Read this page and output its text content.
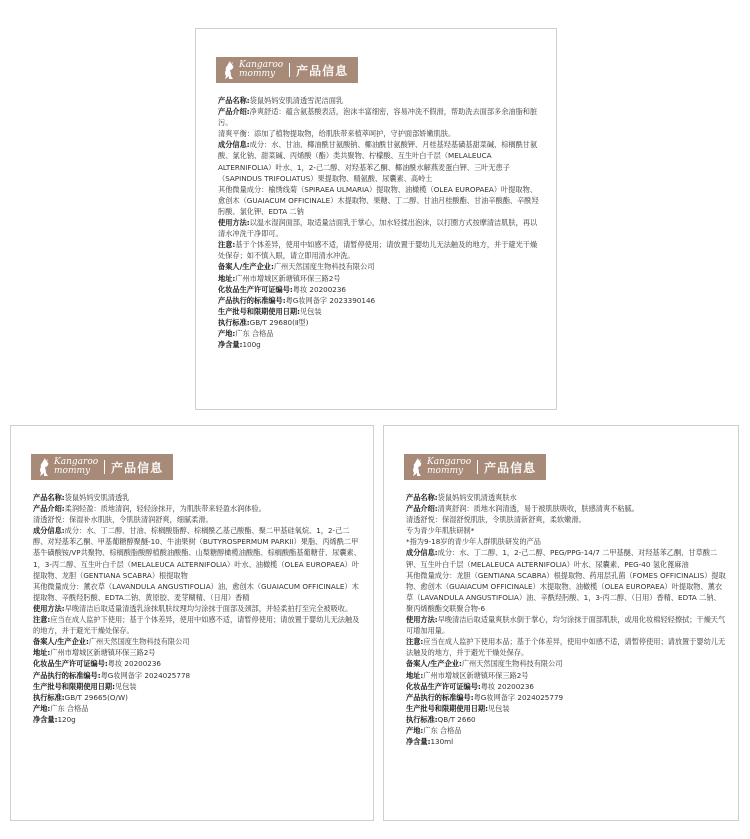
Kangaroo
mommy	产品信息
产品名称:袋鼠妈妈安肌清透雪泥洁面乳
产品介绍:净爽舒适：蕴含氨基酸表活，泡沫丰富细密，容易冲洗不假滑，帮助洗去面部多余油脂和脏污。
清爽平衡：添加了植物提取物，给肌肤带来植萃呵护，守护面部娇嫩肌肤。
成分信息:成分：水、甘油、椰油酰甘氨酸钠、椰油酰甘氨酸钾、月桂基羟基磺基甜菜碱、棕榈酰甘氨酸、氯化钠、甜菜碱、丙烯酸（酯）类共聚物、柠檬酸、互生叶白千层（MELALEUCA ALTERNIFOLIA）叶水、1，2-己二醇、对羟基苯乙酮、椰油酰水解燕麦蛋白钾、三叶无患子（SAPINDUS TRIFOLIATUS）果提取物、精氨酸、尿囊素、高岭土
其他微量成分：榆绣线菊（SPIRAEA ULMARIA）提取物、油橄榄（OLEA EUROPAEA）叶提取物、愈创木（GUAIACUM OFFICINALE）木提取物、果糖、丁二醇、甘油月桂酸酯、甘油辛酸酯、辛酰羟肟酸、氯化钾、EDTA 二钠
使用方法:以温水湿润面部，取适量洁面乳于掌心，加水轻揉出泡沫，以打圈方式按摩清洁肌肤，再以清水冲洗干净即可。
注意:基于个体差异，使用中如感不适，请暂停使用；请放置于婴幼儿无法触及的地方，并于避光干燥处保存；如不慎入眼，请立即用清水冲洗。
备案人/生产企业:广州天然国度生物科技有限公司
地址:广州市增城区新塘镇环保三路2号
化妆品生产许可证编号:粤妆 20200236
产品执行的标准编号:粤G妆网备字 2023390146
生产批号和限期使用日期:见包装
执行标准:GB/T 29680(Ⅱ型)
产地:广东 合格品
净含量:100g
Kangaroo
mommy	产品信息
产品名称:袋鼠妈妈安肌清透乳
产品介绍:柔润轻盈：质地清润，轻轻涂抹开，为肌肤带来轻盈水润体验。
清透舒悦：保湿补水肌肤，令肌肤清润舒爽，细腻柔滑。
成分信息:成分：水、丁二醇、甘油、棕榈酸脂醇、棕榈酰乙基己酸酯、聚二甲基硅氧烷、1，2-己二醇、对羟基苯乙酮、甲基葡糖醇聚醚-10、牛油果树（BUTYROSPERMUM PARKII）果脂、丙烯酰二甲基牛磺酸铵/VP共聚物、棕榈酸脂酸醇植酸油酸酯、山梨糖醇橄榄油酸酯、棕榈酸酯基葡糖苷、尿囊素、1，3-丙二醇、互生叶白千层（MELALEUCA ALTERNIFOLIA）叶水、油橄榄（OLEA EUROPAEA）叶提取物、龙胆（GENTIANA SCABRA）根提取物
其他微量成分：薰衣草（LAVANDULA ANGUSTIFOLIA）油、愈创木（GUAIACUM OFFICINALE）木提取物、辛酰羟肟酸、EDTA二钠、黄原胶、麦芽糊精、（日用）香精
使用方法:早晚清洁后取适量清透乳涂抹肌肤纹理均匀涂抹于面部及颈部，并轻柔拍打至完全被吸收。
注意:应当在成人监护下使用；基于个体差异，使用中如感不适，请暂停使用；请放置于婴幼儿无法触及的地方，并于避光干燥处保存。
备案人/生产企业:广州天然国度生物科技有限公司
地址:广州市增城区新塘镇环保三路2号
化妆品生产许可证编号:粤妆 20200236
产品执行的标准编号:粤G妆网备字 2024025778
生产批号和限期使用日期:见包装
执行标准:GB/T 29665(O/W)
产地:广东 合格品
净含量:120g
Kangaroo
mommy	产品信息
产品名称:袋鼠妈妈安肌清透爽肤水
产品介绍:清爽舒润：质地水润清透，易于被肌肤吸收，肤感清爽不粘腻。
清透舒悦：保湿舒悦肌肤，令肌肤清新舒爽，柔软嫩滑。
专为青少年肌肤研制*
*指为9-18岁的青少年人群肌肤研发的产品
成分信息:成分：水、丁二醇、1，2-己二醇、PEG/PPG-14/7 二甲基醚、对羟基苯乙酮、甘草酸二钾、互生叶白千层（MELALEUCA ALTERNIFOLIA）叶水、尿囊素、PEG-40 氢化蓖麻油
其他微量成分：龙胆（GENTIANA SCABRA）根提取物、药用层孔菌（FOMES OFFICINALIS）提取物、愈创木（GUAIACUM OFFICINALE）木提取物、油橄榄（OLEA EUROPAEA）叶提取物、薰衣草（LAVANDULA ANGUSTIFOLIA）油、辛酰羟肟酸、1，3-丙二醇、（日用）香精、EDTA 二钠、聚丙烯酸酯交联聚合物-6
使用方法:早晚清洁后取适量爽肤水倒于掌心，均匀涂抹于面部肌肤，或用化妆棉轻轻擦拭；干燥天气可增加用量。
注意:应当在成人监护下使用本品；基于个体差异，使用中如感不适，请暂停使用；请放置于婴幼儿无法触及的地方，并于避光干燥处保存。
备案人/生产企业:广州天然国度生物科技有限公司
地址:广州市增城区新塘镇环保三路2号
化妆品生产许可证编号:粤妆 20200236
产品执行的标准编号:粤G妆网备字 2024025779
生产批号和限期使用日期:见包装
执行标准:QB/T 2660
产地:广东 合格品
净含量:130ml
